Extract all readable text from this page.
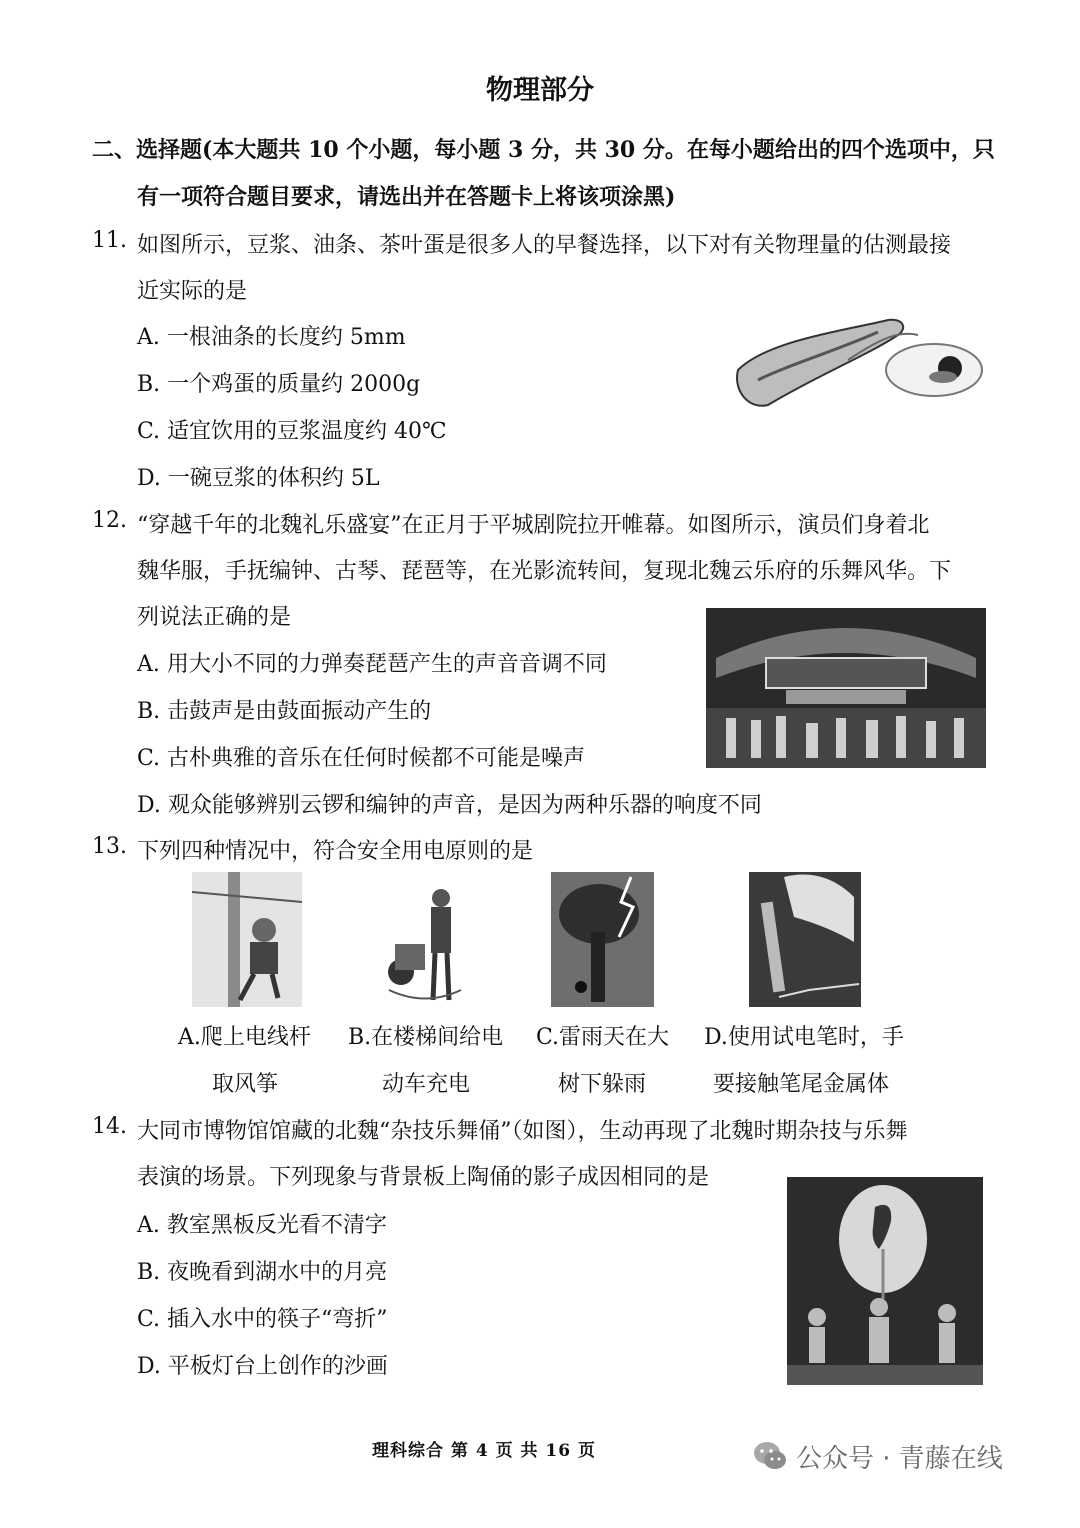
物理部分
二、选择题(本大题共 10 个小题，每小题 3 分，共 30 分。在每小题给出的四个选项中，只
有一项符合题目要求，请选出并在答题卡上将该项涂黑)
11. 如图所示，豆浆、油条、茶叶蛋是很多人的早餐选择，以下对有关物理量的估测最接
近实际的是
A. 一根油条的长度约 5mm
B. 一个鸡蛋的质量约 2000g
C. 适宜饮用的豆浆温度约 40℃
D. 一碗豆浆的体积约 5L
12. “穿越千年的北魏礼乐盛宴”在正月于平城剧院拉开帷幕。如图所示，演员们身着北
魏华服，手抚编钟、古琴、琵琶等，在光影流转间，复现北魏云乐府的乐舞风华。下
列说法正确的是
A. 用大小不同的力弹奏琵琶产生的声音音调不同
B. 击鼓声是由鼓面振动产生的
C. 古朴典雅的音乐在任何时候都不可能是噪声
D. 观众能够辨别云锣和编钟的声音，是因为两种乐器的响度不同
13. 下列四种情况中，符合安全用电原则的是
A.爬上电线杆
取风筝
B.在楼梯间给电
动车充电
C.雷雨天在大
树下躲雨
D.使用试电笔时，手
要接触笔尾金属体
14. 大同市博物馆馆藏的北魏“杂技乐舞俑”（如图），生动再现了北魏时期杂技与乐舞
表演的场景。下列现象与背景板上陶俑的影子成因相同的是
A. 教室黑板反光看不清字
B. 夜晚看到湖水中的月亮
C. 插入水中的筷子“弯折”
D. 平板灯台上创作的沙画
理科综合 第 4 页 共 16 页	公众号 · 青藤在线
